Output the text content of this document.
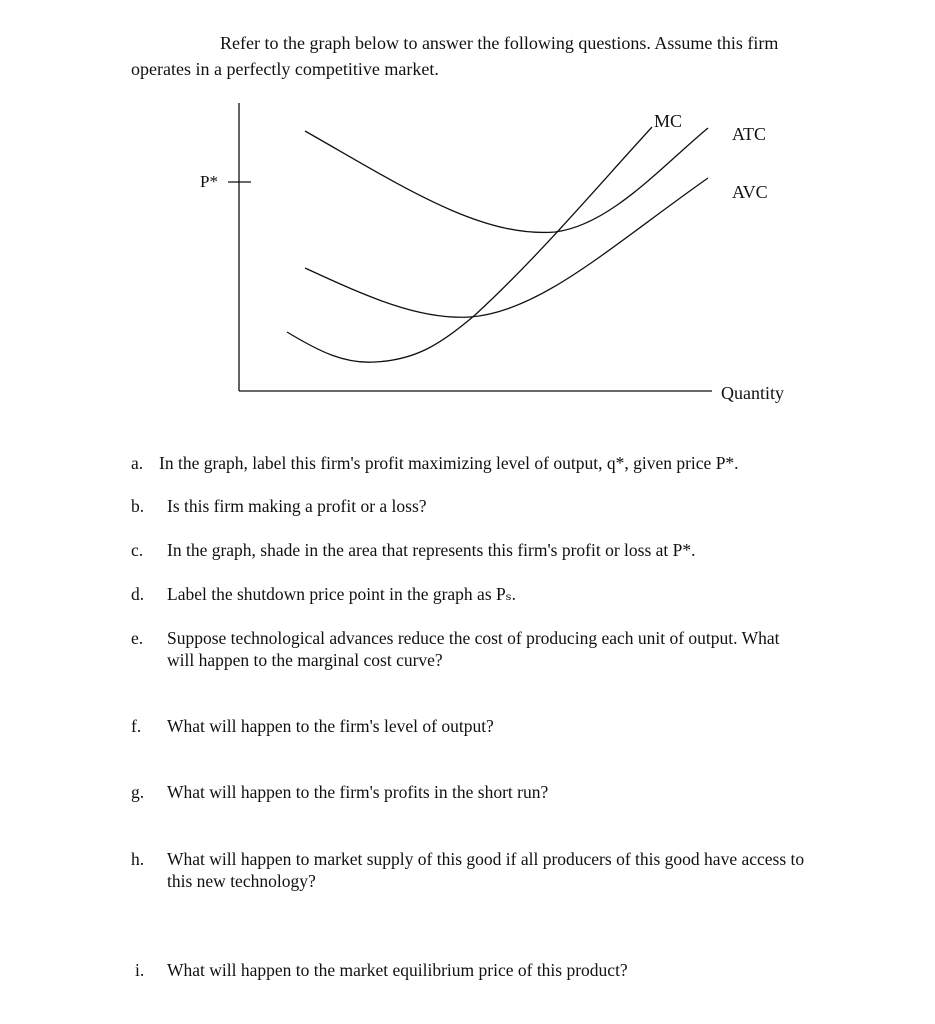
Refer to the graph below to answer the following questions. Assume this firm
operates in a perfectly competitive market.
P*
MC
ATC
AVC
Quantity
a. In the graph, label this firm's profit maximizing level of output, q*, given price P*.
b. Is this firm making a profit or a loss?
c. In the graph, shade in the area that represents this firm's profit or loss at P*.
d. Label the shutdown price point in the graph as Pₛ.
e. Suppose technological advances reduce the cost of producing each unit of output. What will happen to the marginal cost curve?
f. What will happen to the firm's level of output?
g. What will happen to the firm's profits in the short run?
h. What will happen to market supply of this good if all producers of this good have access to this new technology?
i. What will happen to the market equilibrium price of this product?
